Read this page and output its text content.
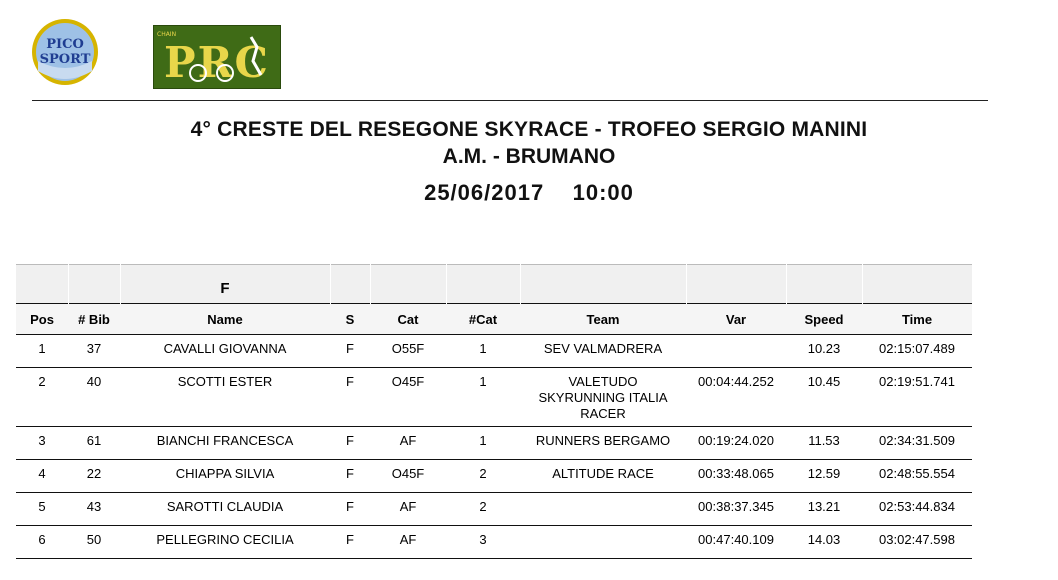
PICO
SPORT
CHAIN
PRC
4° CRESTE DEL RESEGONE SKYRACE - TROFEO SERGIO MANINI
A.M. - BRUMANO
25/06/2017    10:00
		F							
Pos	# Bib	Name	S	Cat	#Cat	Team	Var	Speed	Time
1	37	CAVALLI GIOVANNA	F	O55F	1	SEV VALMADRERA		10.23	02:15:07.489
2	40	SCOTTI ESTER	F	O45F	1	VALETUDO
SKYRUNNING ITALIA
RACER	00:04:44.252	10.45	02:19:51.741
3	61	BIANCHI FRANCESCA	F	AF	1	RUNNERS BERGAMO	00:19:24.020	11.53	02:34:31.509
4	22	CHIAPPA SILVIA	F	O45F	2	ALTITUDE RACE	00:33:48.065	12.59	02:48:55.554
5	43	SAROTTI CLAUDIA	F	AF	2		00:38:37.345	13.21	02:53:44.834
6	50	PELLEGRINO CECILIA	F	AF	3		00:47:40.109	14.03	03:02:47.598
